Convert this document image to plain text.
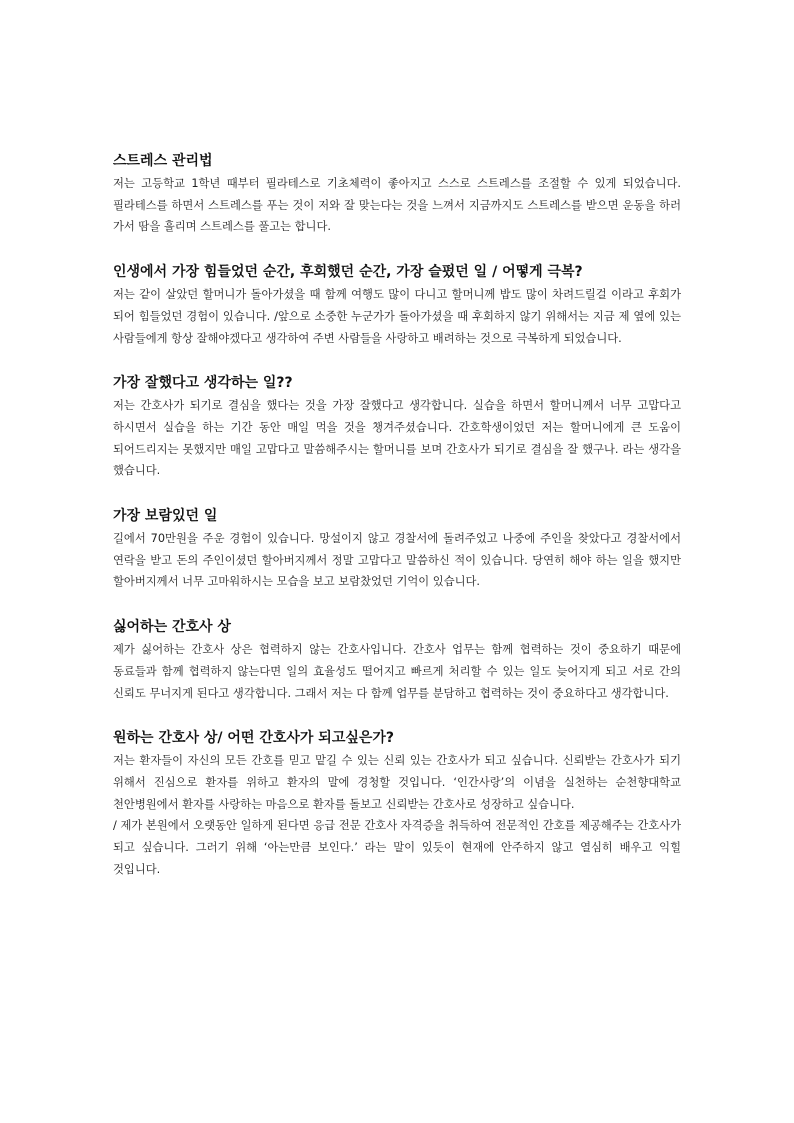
스트레스 관리법

저는 고등학교 1학년 때부터 필라테스로 기초체력이 좋아지고 스스로 스트레스를 조절할 수 있게 되었습니다. 필라테스를 하면서 스트레스를 푸는 것이 저와 잘 맞는다는 것을 느껴서 지금까지도 스트레스를 받으면 운동을 하러 가서 땀을 흘리며 스트레스를 풀고는 합니다.

인생에서 가장 힘들었던 순간, 후회했던 순간, 가장 슬펐던 일 / 어떻게 극복?

저는 같이 살았던 할머니가 돌아가셨을 때 함께 여행도 많이 다니고 할머니께 밥도 많이 차려드릴걸 이라고 후회가 되어 힘들었던 경험이 있습니다. /앞으로 소중한 누군가가 돌아가셨을 때 후회하지 않기 위해서는 지금 제 옆에 있는 사람들에게 항상 잘해야겠다고 생각하여 주변 사람들을 사랑하고 배려하는 것으로 극복하게 되었습니다.

가장 잘했다고 생각하는 일??

저는 간호사가 되기로 결심을 했다는 것을 가장 잘했다고 생각합니다. 실습을 하면서 할머니께서 너무 고맙다고 하시면서 실습을 하는 기간 동안 매일 먹을 것을 챙겨주셨습니다. 간호학생이었던 저는 할머니에게 큰 도움이 되어드리지는 못했지만 매일 고맙다고 말씀해주시는 할머니를 보며 간호사가 되기로 결심을 잘 했구나. 라는 생각을 했습니다.

가장 보람있던 일

길에서 70만원을 주운 경험이 있습니다. 망설이지 않고 경찰서에 돌려주었고 나중에 주인을 찾았다고 경찰서에서 연락을 받고 돈의 주인이셨던 할아버지께서 정말 고맙다고 말씀하신 적이 있습니다. 당연히 해야 하는 일을 했지만 할아버지께서 너무 고마워하시는 모습을 보고 보람찼었던 기억이 있습니다.

싫어하는 간호사 상

제가 싫어하는 간호사 상은 협력하지 않는 간호사입니다. 간호사 업무는 함께 협력하는 것이 중요하기 때문에 동료들과 함께 협력하지 않는다면 일의 효율성도 떨어지고 빠르게 처리할 수 있는 일도 늦어지게 되고 서로 간의 신뢰도 무너지게 된다고 생각합니다. 그래서 저는 다 함께 업무를 분담하고 협력하는 것이 중요하다고 생각합니다.

원하는 간호사 상/ 어떤 간호사가 되고싶은가?

저는 환자들이 자신의 모든 간호를 믿고 맡길 수 있는 신뢰 있는 간호사가 되고 싶습니다. 신뢰받는 간호사가 되기 위해서 진심으로 환자를 위하고 환자의 말에 경청할 것입니다. ‘인간사랑’의 이념을 실천하는 순천향대학교 천안병원에서 환자를 사랑하는 마음으로 환자를 돌보고 신뢰받는 간호사로 성장하고 싶습니다.

/ 제가 본원에서 오랫동안 일하게 된다면 응급 전문 간호사 자격증을 취득하여 전문적인 간호를 제공해주는 간호사가 되고 싶습니다. 그러기 위해 ‘아는만큼 보인다.’ 라는 말이 있듯이 현재에 안주하지 않고 열심히 배우고 익힐 것입니다.
